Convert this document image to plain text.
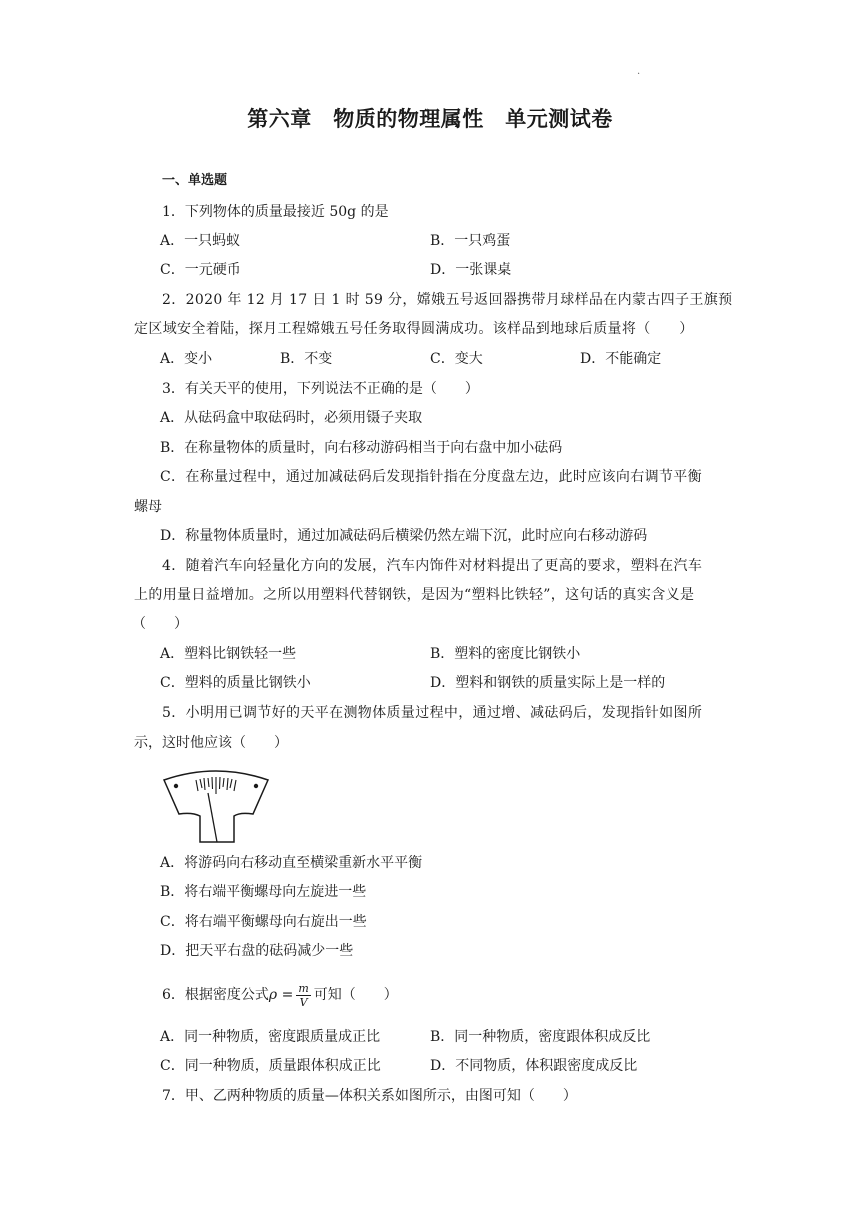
.
第六章　物质的物理属性　单元测试卷
一、单选题
1．下列物体的质量最接近 50g 的是
A．一只蚂蚁	B．一只鸡蛋
C．一元硬币	D．一张课桌
2．2020 年 12 月 17 日 1 时 59 分，嫦娥五号返回器携带月球样品在内蒙古四子王旗预
定区域安全着陆，探月工程嫦娥五号任务取得圆满成功。该样品到地球后质量将（　　）
A．变小	B．不变	C．变大	D．不能确定
3．有关天平的使用，下列说法不正确的是（　　）
A．从砝码盒中取砝码时，必须用镊子夹取
B．在称量物体的质量时，向右移动游码相当于向右盘中加小砝码
C．在称量过程中，通过加减砝码后发现指针指在分度盘左边，此时应该向右调节平衡
螺母
D．称量物体质量时，通过加减砝码后横梁仍然左端下沉，此时应向右移动游码
4．随着汽车向轻量化方向的发展，汽车内饰件对材料提出了更高的要求，塑料在汽车
上的用量日益增加。之所以用塑料代替钢铁，是因为“塑料比铁轻”，这句话的真实含义是
（　　）
A．塑料比钢铁轻一些	B．塑料的密度比钢铁小
C．塑料的质量比钢铁小	D．塑料和钢铁的质量实际上是一样的
5．小明用已调节好的天平在测物体质量过程中，通过增、减砝码后，发现指针如图所
示，这时他应该（　　）
A．将游码向右移动直至横梁重新水平平衡
B．将右端平衡螺母向左旋进一些
C．将右端平衡螺母向右旋出一些
D．把天平右盘的砝码减少一些
6．根据密度公式$\rho = \frac{m}{V}$ 可知（　　）
A．同一种物质，密度跟质量成正比	B．同一种物质，密度跟体积成反比
C．同一种物质，质量跟体积成正比	D．不同物质，体积跟密度成反比
7．甲、乙两种物质的质量—体积关系如图所示，由图可知（　　）
